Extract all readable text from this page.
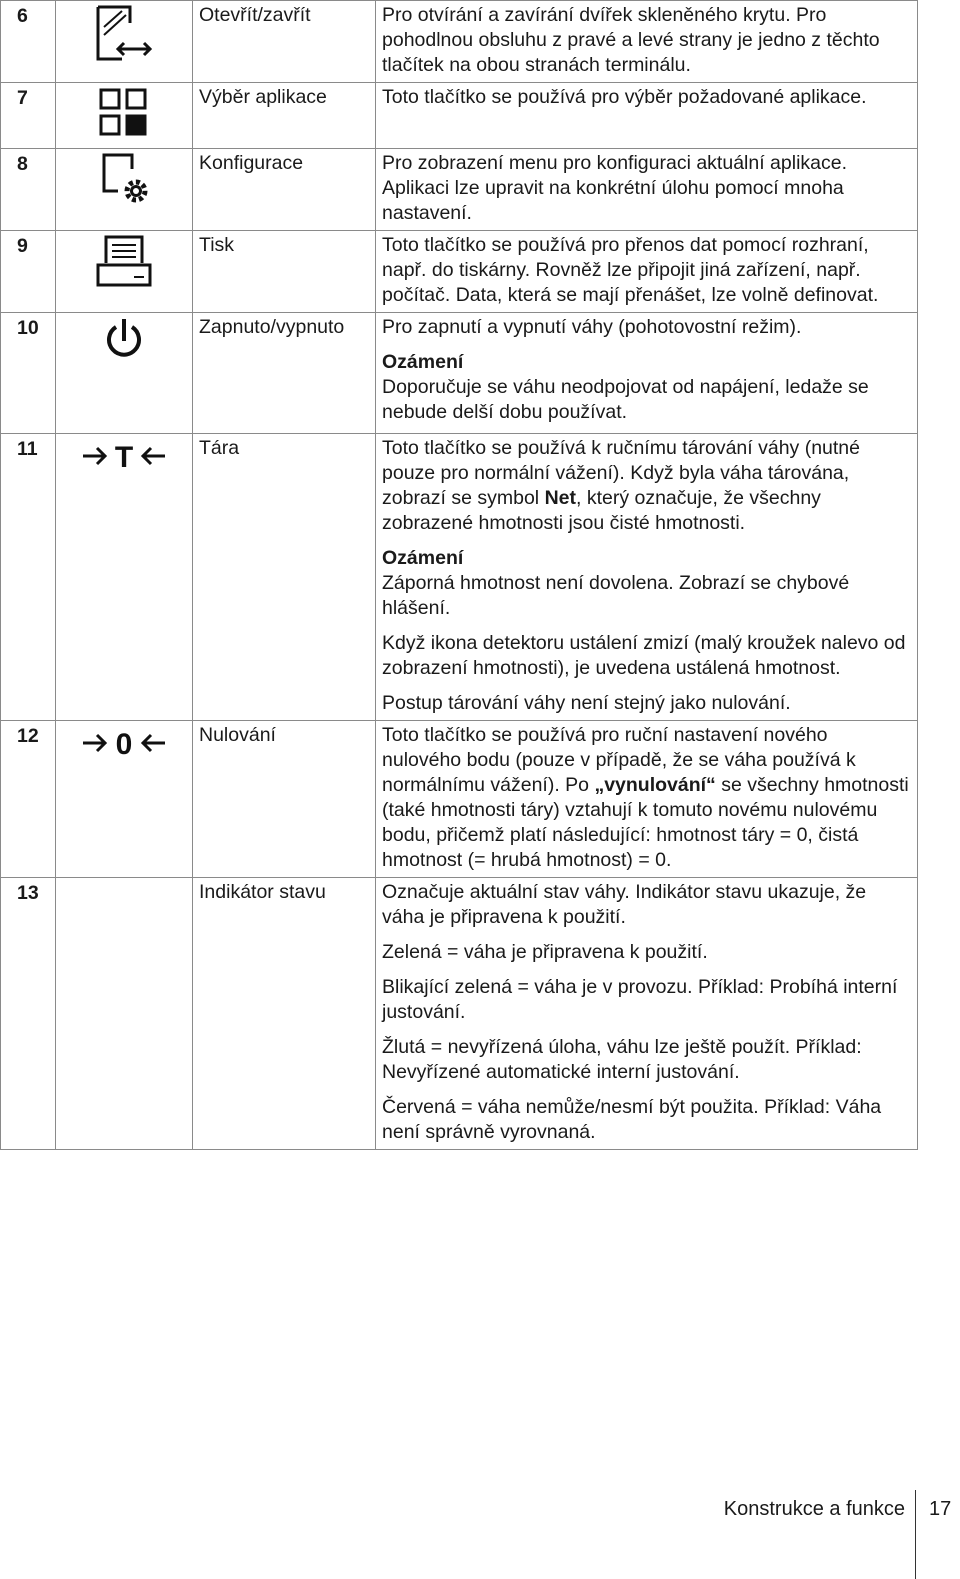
6		Otevřít/zavřít	Pro otvírání a zavírání dvířek skleněného krytu. Pro pohodlnou obsluhu z pravé a levé strany je jedno z těchto tlačítek na obou stranách terminálu.

7		Výběr aplikace	Toto tlačítko se používá pro výběr požadované aplikace.

8		Konfigurace	Pro zobrazení menu pro konfiguraci aktuální aplikace. Aplikaci lze upravit na konkrétní úlohu pomocí mnoha nastavení.

9		Tisk	Toto tlačítko se používá pro přenos dat pomocí rozhraní, např. do tiskárny. Rovněž lze připojit jiná zařízení, např. počítač. Data, která se mají přenášet, lze volně definovat.

10		Zapnuto/vypnuto	Pro zapnutí a vypnutí váhy (pohotovostní režim).
Ozámení
Doporučuje se váhu neodpojovat od napájení, ledaže se nebude delší dobu používat.

11	T	Tára	Toto tlačítko se používá k ručnímu tárování váhy (nutné pouze pro normální vážení). Když byla váha tárována, zobrazí se symbol Net, který označuje, že všechny zobrazené hmotnosti jsou čisté hmotnosti.
Ozámení
Záporná hmotnost není dovolena. Zobrazí se chybové hlášení.
Když ikona detektoru ustálení zmizí (malý kroužek nalevo od zobrazení hmotnosti), je uvedena ustálená hmotnost.
Postup tárování váhy není stejný jako nulování.

12	0	Nulování	Toto tlačítko se používá pro ruční nastavení nového nulového bodu (pouze v případě, že se váha používá k normálnímu vážení). Po „vynulování“ se všechny hmotnosti (také hmotnosti táry) vztahují k tomuto novému nulovému bodu, přičemž platí následující: hmotnost táry = 0, čistá hmotnost (= hrubá hmotnost) = 0.

13		Indikátor stavu	Označuje aktuální stav váhy. Indikátor stavu ukazuje, že váha je připravena k použití.
Zelená = váha je připravena k použití.
Blikající zelená = váha je v provozu. Příklad: Probíhá interní justování.
Žlutá = nevyřízená úloha, váhu lze ještě použít. Příklad: Nevyřízené automatické interní justování.
Červená = váha nemůže/nesmí být použita. Příklad: Váha není správně vyrovnaná.
Konstrukce a funkce 17
